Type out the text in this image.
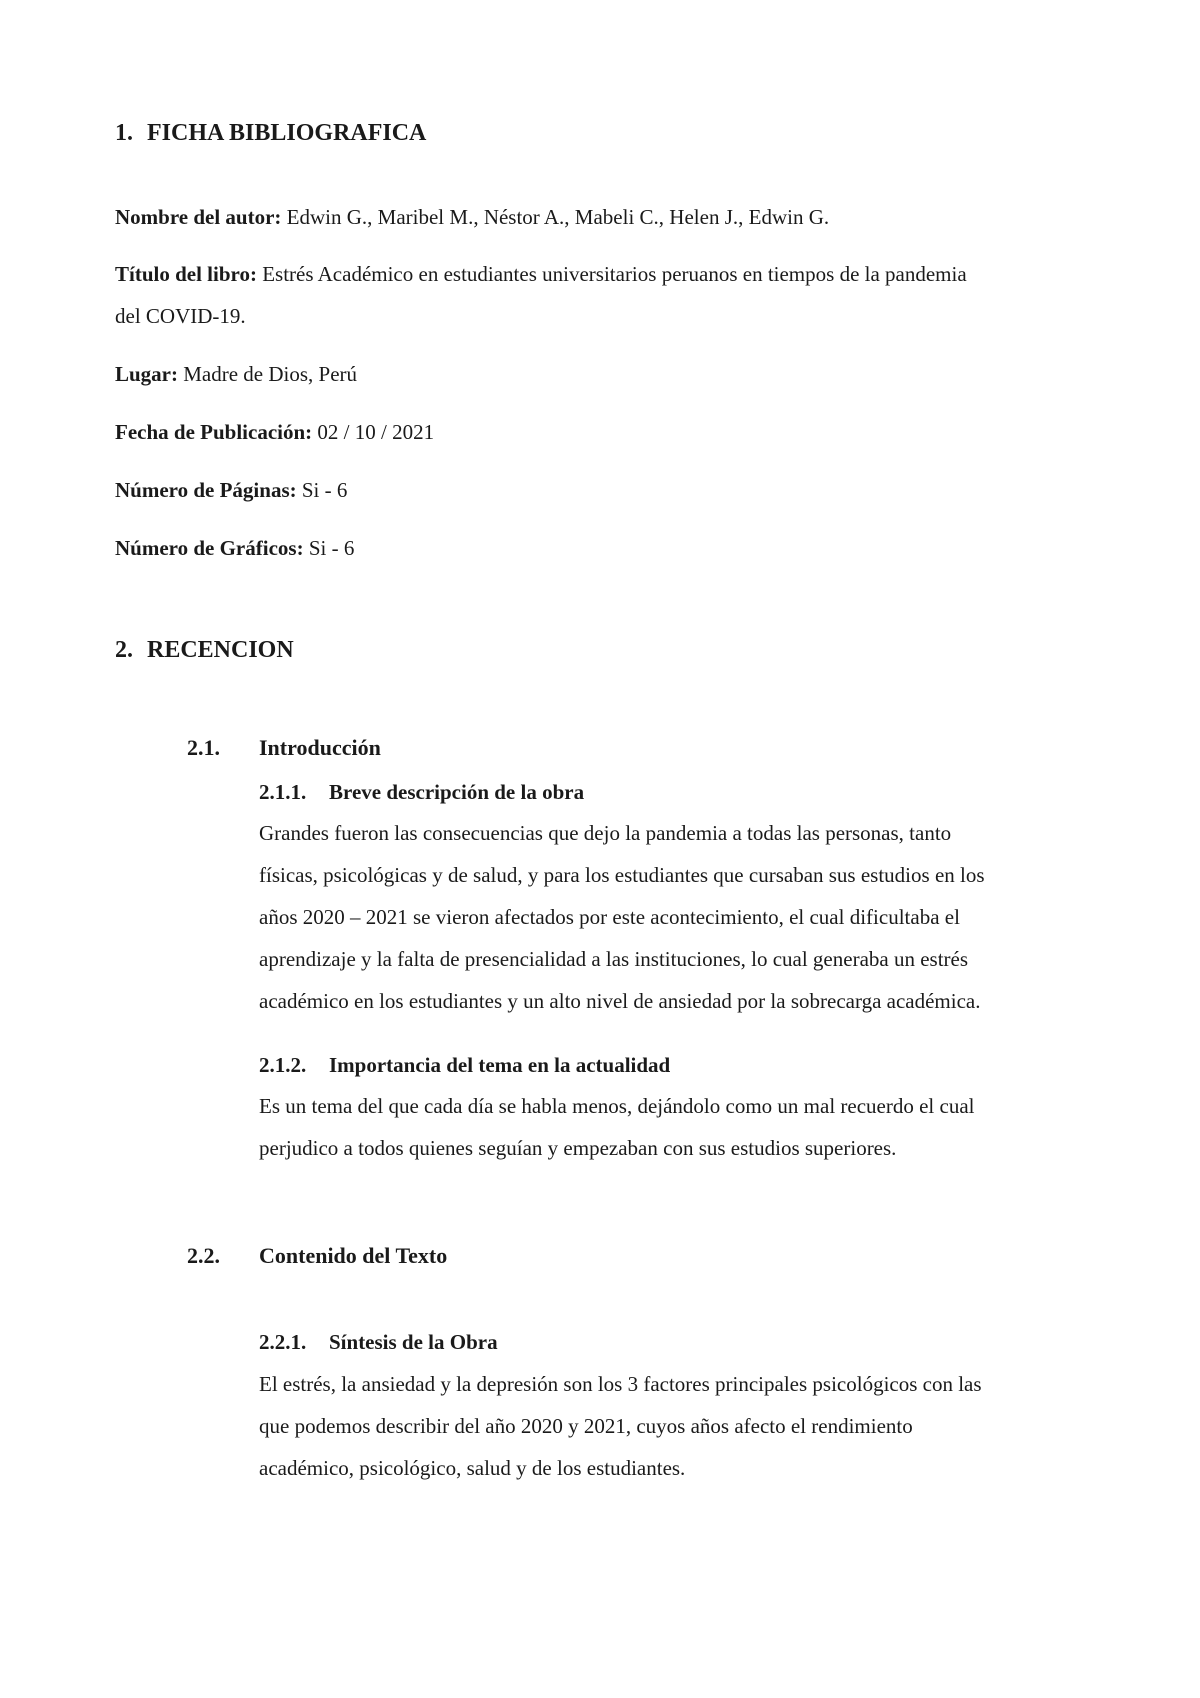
1. FICHA BIBLIOGRAFICA
Nombre del autor: Edwin G., Maribel M., Néstor A., Mabeli C., Helen J., Edwin G.
Título del libro: Estrés Académico en estudiantes universitarios peruanos en tiempos de la pandemia
del COVID-19.
Lugar: Madre de Dios, Perú
Fecha de Publicación: 02 / 10 / 2021
Número de Páginas: Si - 6
Número de Gráficos: Si - 6
2. RECENCION
2.1. Introducción
2.1.1. Breve descripción de la obra
Grandes fueron las consecuencias que dejo la pandemia a todas las personas, tanto
físicas, psicológicas y de salud, y para los estudiantes que cursaban sus estudios en los
años 2020 – 2021 se vieron afectados por este acontecimiento, el cual dificultaba el
aprendizaje y la falta de presencialidad a las instituciones, lo cual generaba un estrés
académico en los estudiantes y un alto nivel de ansiedad por la sobrecarga académica.
2.1.2. Importancia del tema en la actualidad
Es un tema del que cada día se habla menos, dejándolo como un mal recuerdo el cual
perjudico a todos quienes seguían y empezaban con sus estudios superiores.
2.2. Contenido del Texto
2.2.1. Síntesis de la Obra
El estrés, la ansiedad y la depresión son los 3 factores principales psicológicos con las
que podemos describir del año 2020 y 2021, cuyos años afecto el rendimiento
académico, psicológico, salud y de los estudiantes.
